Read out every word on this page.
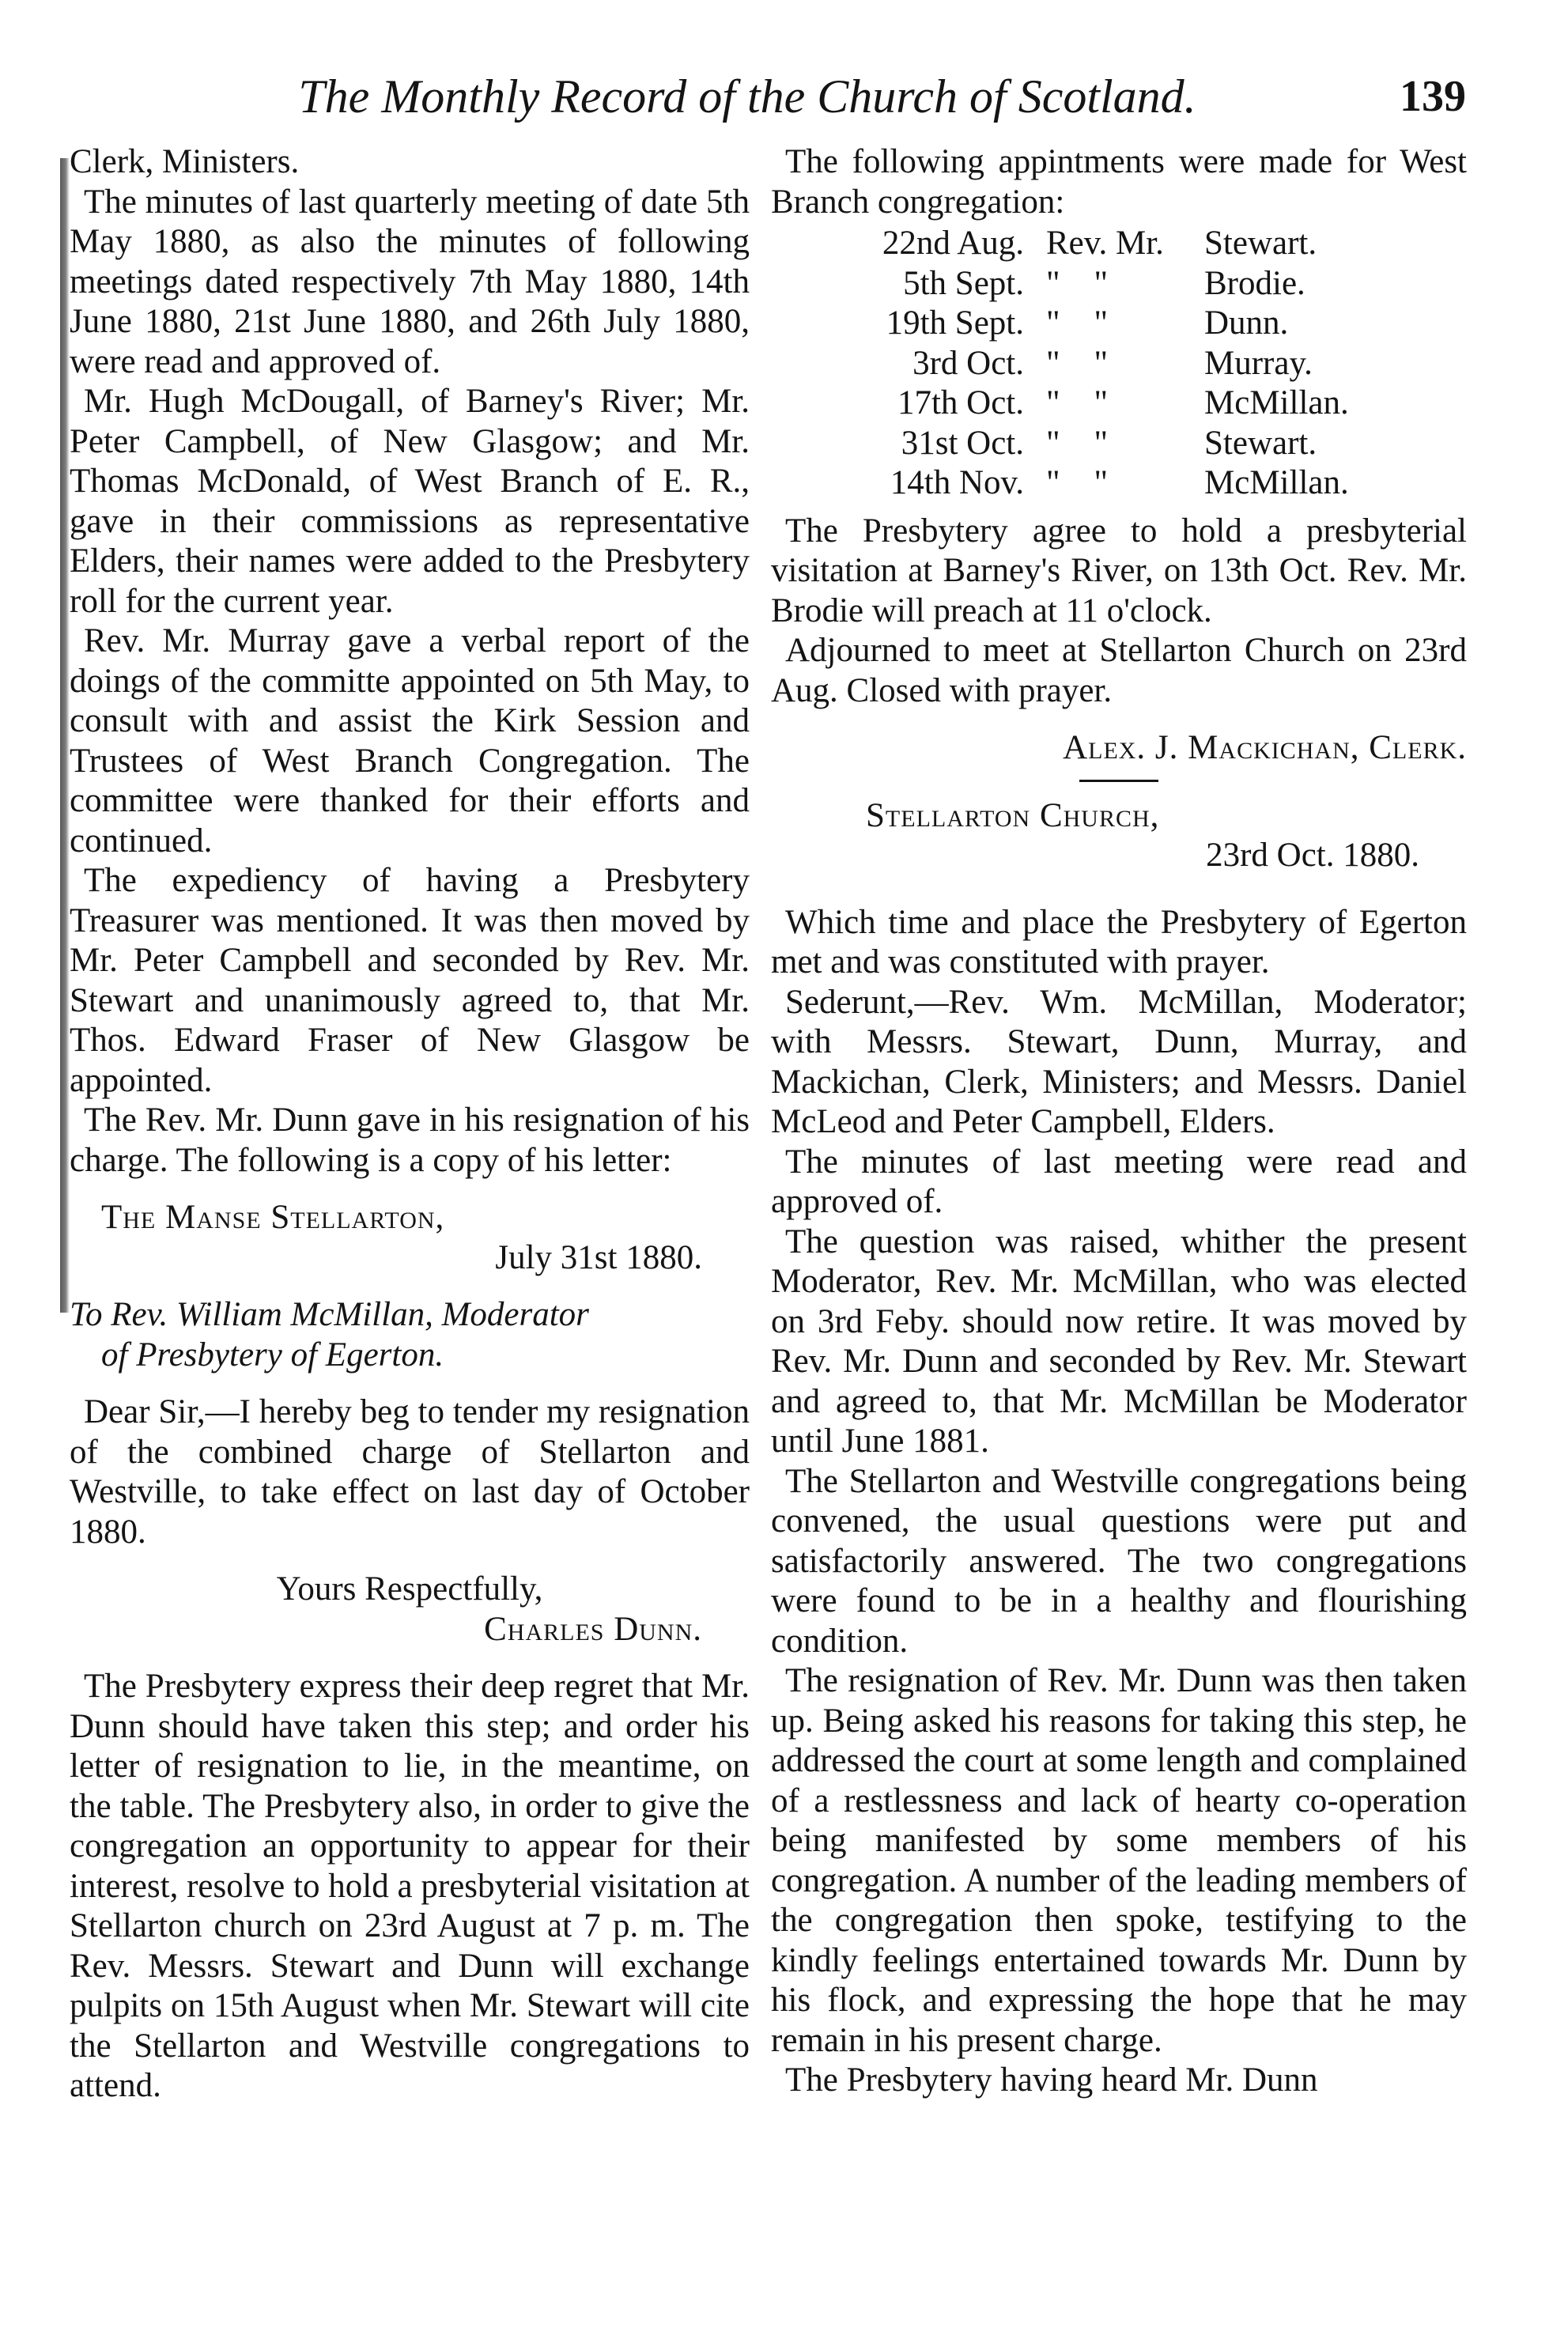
The Monthly Record of the Church of Scotland.	139

Clerk, Ministers.

The minutes of last quarterly meeting of date 5th May 1880, as also the minutes of following meetings dated respectively 7th May 1880, 14th June 1880, 21st June 1880, and 26th July 1880, were read and approved of.

Mr. Hugh McDougall, of Barney's River; Mr. Peter Campbell, of New Glasgow; and Mr. Thomas McDonald, of West Branch of E. R., gave in their commissions as representative Elders, their names were added to the Presbytery roll for the current year.

Rev. Mr. Murray gave a verbal report of the doings of the committe appointed on 5th May, to consult with and assist the Kirk Session and Trustees of West Branch Congregation. The committee were thanked for their efforts and continued.

The expediency of having a Presbytery Treasurer was mentioned. It was then moved by Mr. Peter Campbell and seconded by Rev. Mr. Stewart and unanimously agreed to, that Mr. Thos. Edward Fraser of New Glasgow be appointed.

The Rev. Mr. Dunn gave in his resignation of his charge. The following is a copy of his letter:

The Manse Stellarton,

July 31st 1880.

To Rev. William McMillan, Moderator

of Presbytery of Egerton.

Dear Sir,—I hereby beg to tender my resignation of the combined charge of Stellarton and Westville, to take effect on last day of October 1880.

Yours Respectfully,

Charles Dunn.

The Presbytery express their deep regret that Mr. Dunn should have taken this step; and order his letter of resignation to lie, in the meantime, on the table. The Presbytery also, in order to give the congregation an opportunity to appear for their interest, resolve to hold a presbyterial visitation at Stellarton church on 23rd August at 7 p. m. The Rev. Messrs. Stewart and Dunn will exchange pulpits on 15th August when Mr. Stewart will cite the Stellarton and Westville congregations to attend.

The following appintments were made for West Branch congregation:

22nd Aug. Rev. Mr.	Stewart.
5th Sept. "    "	Brodie.
19th Sept. "    "	Dunn.
3rd Oct. "    "	Murray.
17th Oct. "    "	McMillan.
31st Oct. "    "	Stewart.
14th Nov. "    "	McMillan.

The Presbytery agree to hold a presbyterial visitation at Barney's River, on 13th Oct. Rev. Mr. Brodie will preach at 11 o'clock.

Adjourned to meet at Stellarton Church on 23rd Aug. Closed with prayer.

Alex. J. Mackichan, Clerk.

Stellarton Church,

23rd Oct. 1880.

Which time and place the Presbytery of Egerton met and was constituted with prayer.

Sederunt,—Rev. Wm. McMillan, Moderator; with Messrs. Stewart, Dunn, Murray, and Mackichan, Clerk, Ministers; and Messrs. Daniel McLeod and Peter Campbell, Elders.

The minutes of last meeting were read and approved of.

The question was raised, whither the present Moderator, Rev. Mr. McMillan, who was elected on 3rd Feby. should now retire. It was moved by Rev. Mr. Dunn and seconded by Rev. Mr. Stewart and agreed to, that Mr. McMillan be Moderator until June 1881.

The Stellarton and Westville congregations being convened, the usual questions were put and satisfactorily answered. The two congregations were found to be in a healthy and flourishing condition.

The resignation of Rev. Mr. Dunn was then taken up. Being asked his reasons for taking this step, he addressed the court at some length and complained of a restlessness and lack of hearty co-operation being manifested by some members of his congregation. A number of the leading members of the congregation then spoke, testifying to the kindly feelings entertained towards Mr. Dunn by his flock, and expressing the hope that he may remain in his present charge.

The Presbytery having heard Mr. Dunn
